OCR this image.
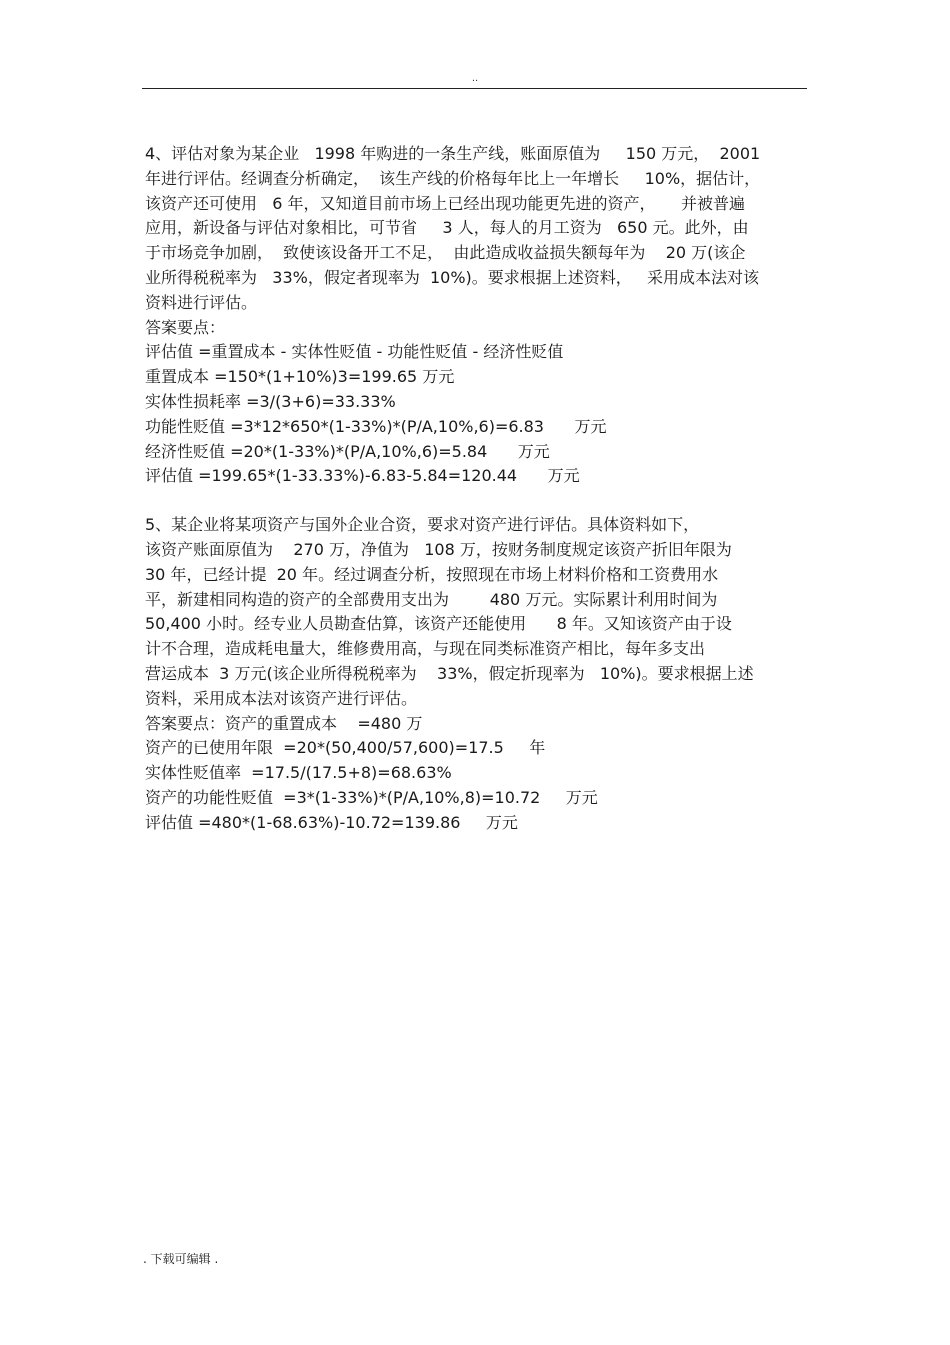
..
4、评估对象为某企业   1998 年购进的一条生产线，账面原值为     150 万元，  2001
年进行评估。经调查分析确定，  该生产线的价格每年比上一年增长     10%，据估计，
该资产还可使用   6 年，又知道目前市场上已经出现功能更先进的资产，     并被普遍
应用，新设备与评估对象相比，可节省     3 人，每人的月工资为   650 元。此外，由
于市场竞争加剧，  致使该设备开工不足，  由此造成收益损失额每年为    20 万(该企
业所得税税率为   33%，假定者现率为  10%)。要求根据上述资料，   采用成本法对该
资料进行评估。
答案要点：
评估值 =重置成本 - 实体性贬值 - 功能性贬值 - 经济性贬值
重置成本 =150*(1+10%)3=199.65 万元
实体性损耗率 =3/(3+6)=33.33%
功能性贬值 =3*12*650*(1-33%)*(P/A,10%,6)=6.83      万元
经济性贬值 =20*(1-33%)*(P/A,10%,6)=5.84      万元
评估值 =199.65*(1-33.33%)-6.83-5.84=120.44      万元
5、某企业将某项资产与国外企业合资，要求对资产进行评估。具体资料如下，
该资产账面原值为    270 万，净值为   108 万，按财务制度规定该资产折旧年限为
30 年，已经计提  20 年。经过调查分析，按照现在市场上材料价格和工资费用水
平，新建相同构造的资产的全部费用支出为        480 万元。实际累计利用时间为
50,400 小时。经专业人员勘查估算，该资产还能使用      8 年。又知该资产由于设
计不合理，造成耗电量大，维修费用高，与现在同类标准资产相比，每年多支出
营运成本  3 万元(该企业所得税税率为    33%，假定折现率为   10%)。要求根据上述
资料，采用成本法对该资产进行评估。
答案要点：资产的重置成本    =480 万
资产的已使用年限  =20*(50,400/57,600)=17.5     年
实体性贬值率  =17.5/(17.5+8)=68.63%
资产的功能性贬值  =3*(1-33%)*(P/A,10%,8)=10.72     万元
评估值 =480*(1-68.63%)-10.72=139.86     万元
. 下载可编辑 .
